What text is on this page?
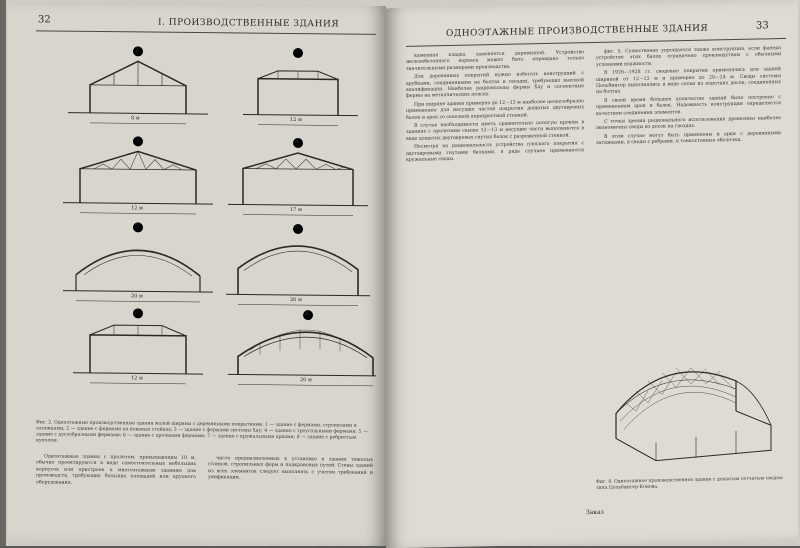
32	I. ПРОИЗВОДСТВЕННЫЕ ЗДАНИЯ
1	2
3	4
5	6
7	8
8 м	12 м
12 м	17 м
20 м
20 м
12 м	20 м
Фиг. 2. Одноэтажные производственные здания малой ширины с деревянными покрытиями: 1 — здание с фермами, стропилами и затяжками; 2 — здание с фермами на кованых стойках; 3 — здание с фермами системы Хау; 4 — здание с треугольными фермами; 5 — здание с дугообразными фермами; 6 — здание с арочными фермами; 7 — здание с кружальными арками; 8 — здание с ребристым куполом.

Одноэтажные здания с пролетом, превышающим 10 м, обычно проектируются в виде самостоятельных небольших корпусов или пристроек к многоэтажным зданиям для производств, требующих больших площадей или крупного оборудования.

чисто предназначенных к установке в здании тяжелых станков, стропильных ферм и подкрановых путей. Стены зданий из всех элементов следует выполнять с учетом требований и унификации.

ОДНОЭТАЖНЫЕ ПРОИЗВОДСТВЕННЫЕ ЗДАНИЯ	33

каменная кладка заменяется деревянной. Устройство железобетонного каркаса может быть оправдано только значительными размерами производства.

Для деревянных покрытий нужно избегать конструкций с врубками, соединенными на болтах и гвоздях, требующих высокой квалификации. Наиболее рациональны фермы Хау и сегментные фермы на металлических поясах.

При ширине здания примерно до 12—13 м наиболее целесообразно применение для несущих частей покрытия дощатых двутавровых балок и арок со сквозной перекрестной стенкой.

В случае необходимости иметь сравнительно пологую кровлю в зданиях с пролетами свыше 12—13 м несущие части выполняются в виде дощатых двутавровых гнутых балок с разреженной стенкой.

Несмотря на рациональность устройства плоского покрытия с двутавровыми гнутыми балками, в ряде случаев применяются кружальные своды.

фиг. 5. Существенно упрощается также конструкция, если фанера устройство этих балок ограничено производством с обычными условиями влажности.

В 1926—1928 гг. сводовые покрытия применялись для зданий шириной от 12—13 м и примерно до 20—24 м. Своды системы Цольбингер выполнялись в виде сетки из коротких досок, соединенных на болтах.

В своей время большое количество зданий было построено с применением арок и балок. Надежность конструкции определяется качеством соединения элементов.

С точки зрения рационального использования древесины наиболее экономичны своды из досок на гвоздях.

В этом случае могут быть применены и арки с деревянными затяжками, и своды с ребрами, и тонкостенные оболочки.

Фиг. 4. Одноэтажное производственное здание с дощатым сетчатым сводом типа Цольбингер-Конова.
Заказ
